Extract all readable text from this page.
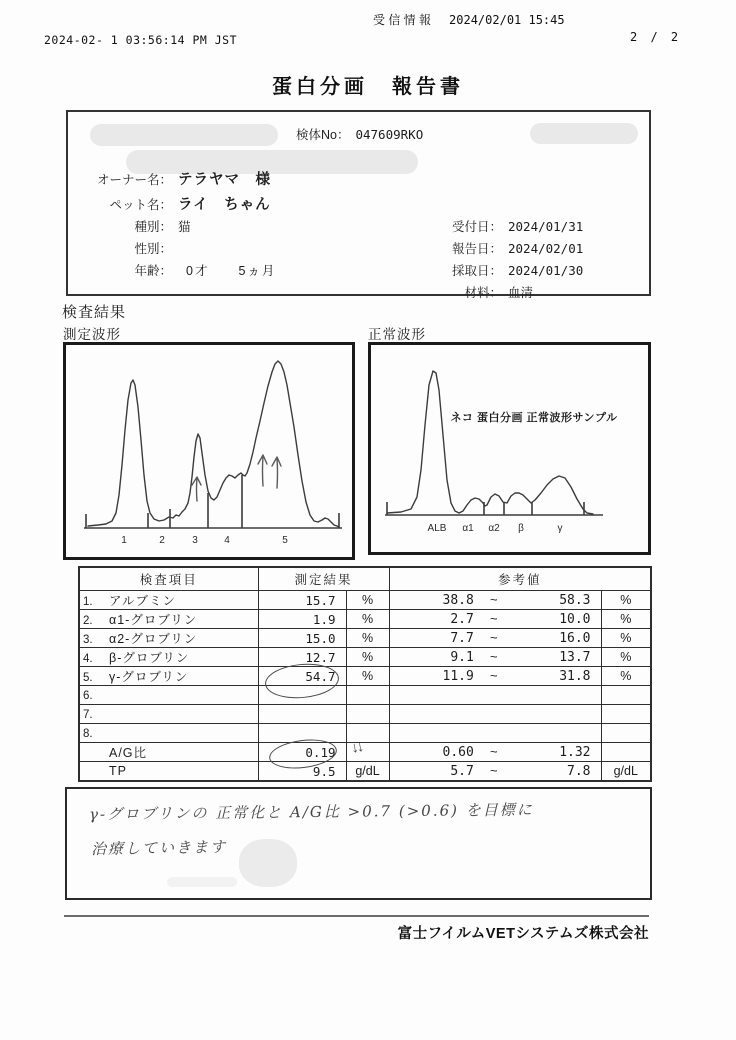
2024-02- 1 03:56:14 PM JST
受 信 情 報 2024/02/01 15:45
2 / 2
蛋白分画　報告書
検体No： 047609RKO
オーナー名： テラヤマ　様
ペット名： ライ　ちゃん
種別： 猫
性別：
年齢： 0才　　5ヵ月
受付日： 2024/01/31
報告日： 2024/02/01
採取日： 2024/01/30
材料： 血清
検査結果
測定波形	正常波形
1	2	3	4	5
ネコ 蛋白分画 正常波形サンプル
ALB α1 α2 β	γ
検査項目	測定結果		参考値	
1. アルブミン	15.7	%	38.8 ~ 58.3	%
2. α1-グロブリン	1.9	%	2.7 ~ 10.0	%
3. α2-グロブリン	15.0	%	7.7 ~ 16.0	%
4. β-グロブリン	12.7	%	9.1 ~ 13.7	%
5. γ-グロブリン	54.7	%	11.9 ~ 31.8	%
6.			

7.			

8.			

A/G比	0.19	↓↓	0.60 ~ 1.32	

TP	9.5	g/dL	5.7 ~ 7.8	g/dL
γ-グロブリンの 正常化と A/G比 >0.7 (>0.6) を目標に
治療していきます
富士フイルムVETシステムズ株式会社
